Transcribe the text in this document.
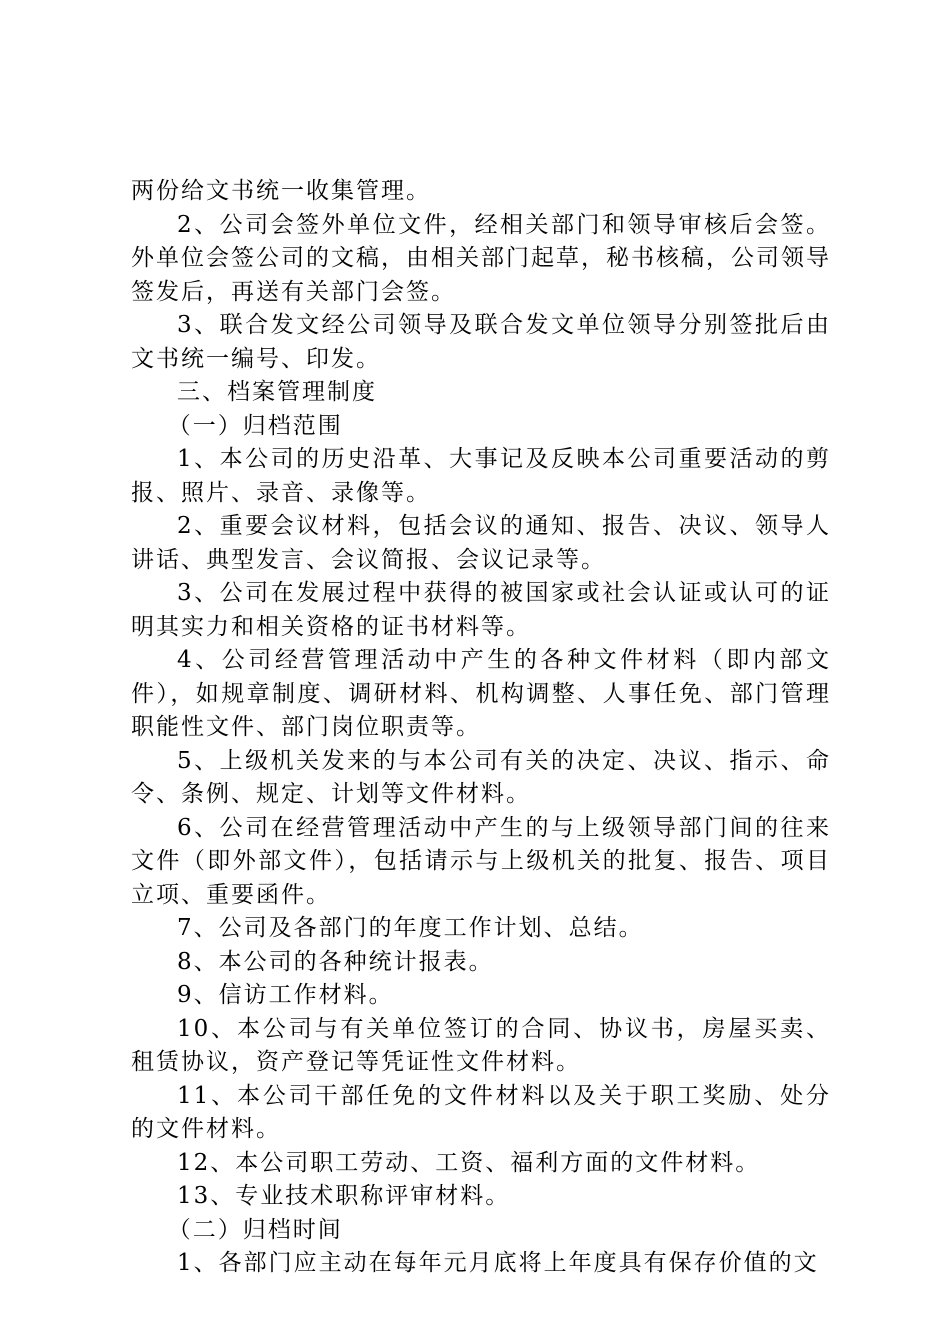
两份给文书统一收集管理。

2、公司会签外单位文件，经相关部门和领导审核后会签。外单位会签公司的文稿，由相关部门起草，秘书核稿，公司领导签发后，再送有关部门会签。

3、联合发文经公司领导及联合发文单位领导分别签批后由文书统一编号、印发。

三、档案管理制度

（一）归档范围

1、本公司的历史沿革、大事记及反映本公司重要活动的剪报、照片、录音、录像等。

2、重要会议材料，包括会议的通知、报告、决议、领导人讲话、典型发言、会议简报、会议记录等。

3、公司在发展过程中获得的被国家或社会认证或认可的证明其实力和相关资格的证书材料等。

4、公司经营管理活动中产生的各种文件材料（即内部文件），如规章制度、调研材料、机构调整、人事任免、部门管理职能性文件、部门岗位职责等。

5、上级机关发来的与本公司有关的决定、决议、指示、命令、条例、规定、计划等文件材料。

6、公司在经营管理活动中产生的与上级领导部门间的往来文件（即外部文件），包括请示与上级机关的批复、报告、项目立项、重要函件。

7、公司及各部门的年度工作计划、总结。

8、本公司的各种统计报表。

9、信访工作材料。

10、本公司与有关单位签订的合同、协议书，房屋买卖、租赁协议，资产登记等凭证性文件材料。

11、本公司干部任免的文件材料以及关于职工奖励、处分的文件材料。

12、本公司职工劳动、工资、福利方面的文件材料。

13、专业技术职称评审材料。

（二）归档时间

1、各部门应主动在每年元月底将上年度具有保存价值的文
